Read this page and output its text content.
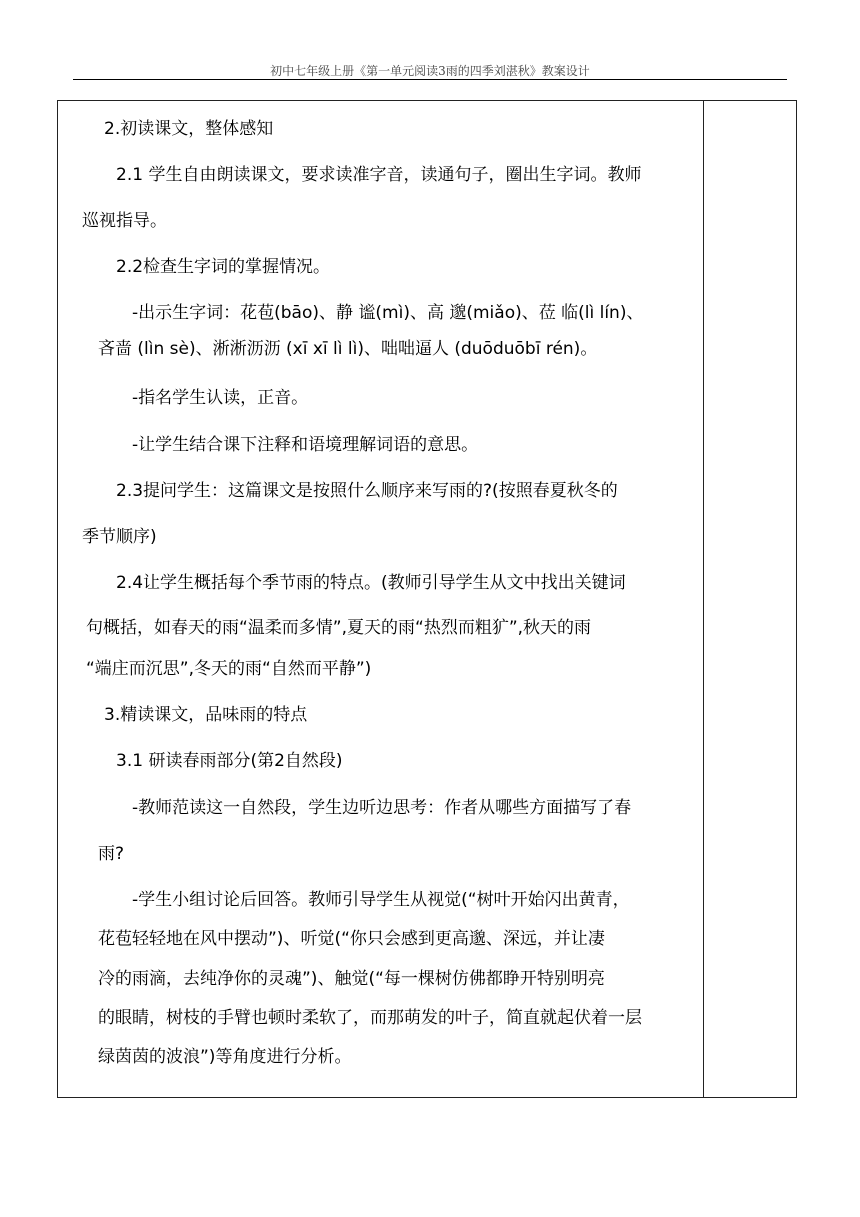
初中七年级上册《第一单元阅读3雨的四季刘湛秋》教案设计
2.初读课文，整体感知
2.1 学生自由朗读课文，要求读准字音，读通句子，圈出生字词。教师
巡视指导。
2.2检查生字词的掌握情况。
-出示生字词：花苞(bāo)、静 谧(mì)、高 邈(miǎo)、莅 临(lì lín)、
吝啬 (lìn sè)、淅淅沥沥 (xī xī lì lì)、咄咄逼人 (duōduōbī rén)。
-指名学生认读，正音。
-让学生结合课下注释和语境理解词语的意思。
2.3提问学生：这篇课文是按照什么顺序来写雨的?(按照春夏秋冬的
季节顺序)
2.4让学生概括每个季节雨的特点。(教师引导学生从文中找出关键词
句概括，如春天的雨“温柔而多情”,夏天的雨“热烈而粗犷”,秋天的雨
“端庄而沉思”,冬天的雨“自然而平静”)
3.精读课文，品味雨的特点
3.1 研读春雨部分(第2自然段)
-教师范读这一自然段，学生边听边思考：作者从哪些方面描写了春
雨?
-学生小组讨论后回答。教师引导学生从视觉(“树叶开始闪出黄青，
花苞轻轻地在风中摆动”)、听觉(“你只会感到更高邈、深远，并让凄
冷的雨滴，去纯净你的灵魂”)、触觉(“每一棵树仿佛都睁开特别明亮
的眼睛，树枝的手臂也顿时柔软了，而那萌发的叶子，简直就起伏着一层
绿茵茵的波浪”)等角度进行分析。
